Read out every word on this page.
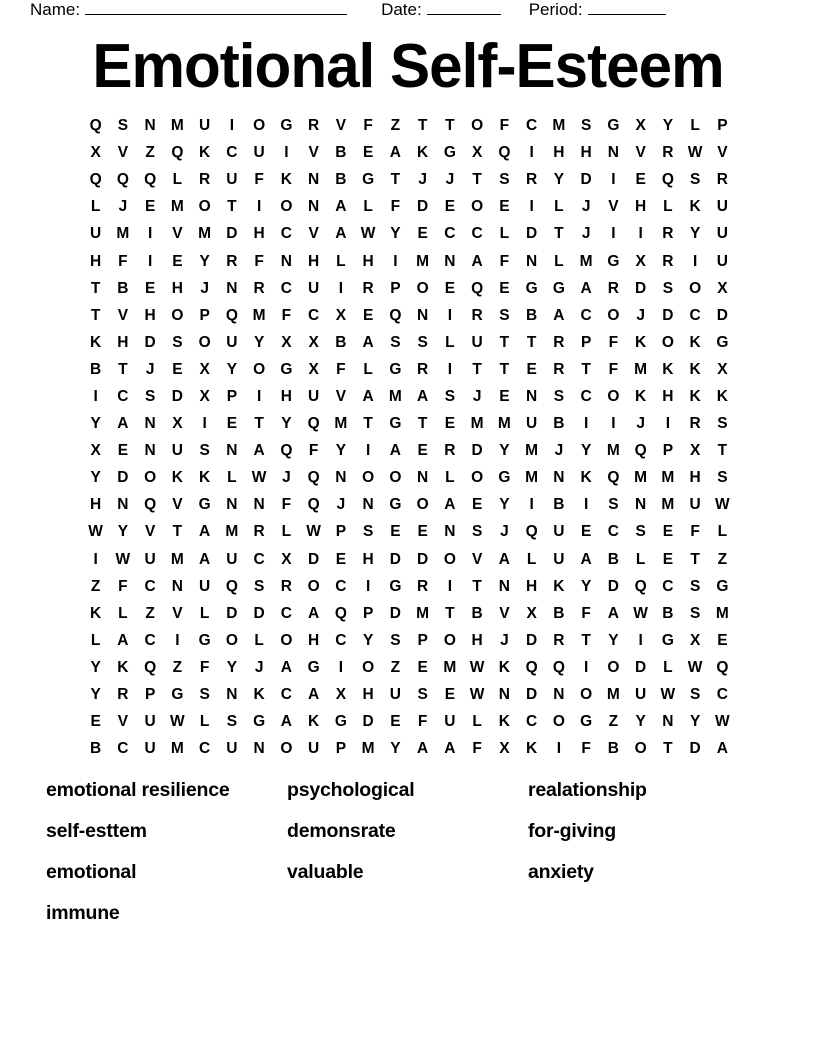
Name:	Date:	Period:
Emotional Self-Esteem
Q	S	N M U	I	O G	R	V	F	Z	T	T	O	F	C M	S	G	X	Y	L	P
X	V	Z	Q	K	C	U	I	V	B	E	A	K	G	X	Q	I	H	H	N	V	R W V
Q Q Q	L	R	U	F	K	N	B	G	T	J	J	T	S	R	Y	D	I	E	Q	S	R
L	J	E	M O	T	I	O	N	A	L	F	D	E	O	E	I	L	J	V	H	L	K	U
U M	I	V	M D	H	C	V	A W Y	E	C	C	L	D	T	J	I	I	R	Y	U
H	F	I	E	Y	R	F	N	H	L	H	I	M N	A	F	N	L	M G	X	R	I	U
T	B	E	H	J	N	R	C	U	I	R	P	O	E	Q	E	G G	A	R	D	S	O	X
T	V	H	O	P	Q M	F	C	X	E	Q	N	I	R	S	B	A	C	O	J	D	C	D
K	H	D	S	O	U	Y	X	X	B	A	S	S	L	U	T	T	R	P	F	K	O	K	G
B	T	J	E	X	Y	O G	X	F	L	G	R	I	T	T	E	R	T	F	M K	K	X
I	C	S	D	X	P	I	H	U	V	A M A	S	J	E	N	S	C	O	K	H	K	K
Y	A	N	X	I	E	T	Y	Q M	T	G	T	E	M M U	B	I	I	J	I	R	S
X	E	N	U	S	N	A	Q	F	Y	I	A	E	R	D	Y	M	J	Y	M Q	P	X	T
Y	D	O	K	K	L W	J	Q	N	O O	N	L	O G M N	K	Q M M H	S
H	N	Q	V	G	N	N	F	Q	J	N	G O	A	E	Y	I	B	I	S	N M U W
W Y	V	T	A M R	L W P	S	E	E	N	S	J	Q	U	E	C	S	E	F	L
I	W U M A	U	C	X	D	E	H	D	D	O	V	A	L	U	A	B	L	E	T	Z
Z	F	C	N	U	Q	S	R	O	C	I	G	R	I	T	N	H	K	Y	D	Q	C	S	G
K	L	Z	V	L	D	D	C	A	Q	P	D M	T	B	V	X	B	F	A W B	S	M
L	A	C	I	G O	L	O	H	C	Y	S	P	O	H	J	D	R	T	Y	I	G	X	E
Y	K	Q	Z	F	Y	J	A	G	I	O	Z	E	M W K	Q Q	I	O	D	L W Q
Y	R	P	G	S	N	K	C	A	X	H	U	S	E W N	D	N	O M U W S	C
E	V	U W L	S	G	A	K	G	D	E	F	U	L	K	C	O G	Z	Y	N	Y W
B	C	U M C	U	N	O	U	P	M	Y	A	A	F	X	K	I	F	B	O	T	D	A
emotional resilience	psychological	realationship
self-esttem	demonsrate	for-giving
emotional	valuable	anxiety
immune
